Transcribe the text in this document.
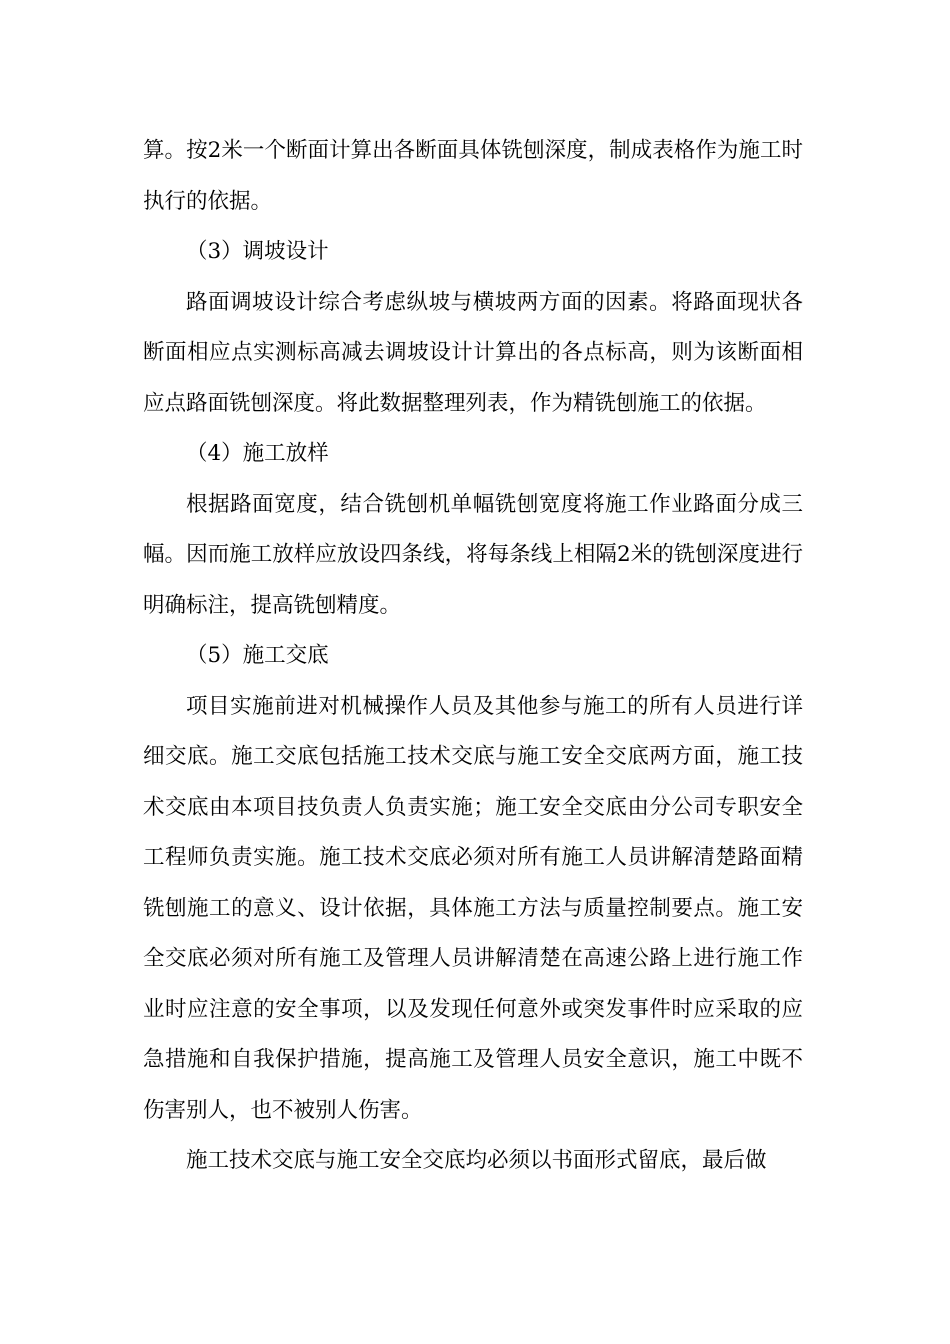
算。按2米一个断面计算出各断面具体铣刨深度，制成表格作为施工时执行的依据。

（3）调坡设计

路面调坡设计综合考虑纵坡与横坡两方面的因素。将路面现状各断面相应点实测标高减去调坡设计计算出的各点标高，则为该断面相应点路面铣刨深度。将此数据整理列表，作为精铣刨施工的依据。

（4）施工放样

根据路面宽度，结合铣刨机单幅铣刨宽度将施工作业路面分成三幅。因而施工放样应放设四条线，将每条线上相隔2米的铣刨深度进行明确标注，提高铣刨精度。

（5）施工交底

项目实施前进对机械操作人员及其他参与施工的所有人员进行详细交底。施工交底包括施工技术交底与施工安全交底两方面，施工技术交底由本项目技负责人负责实施；施工安全交底由分公司专职安全工程师负责实施。施工技术交底必须对所有施工人员讲解清楚路面精铣刨施工的意义、设计依据，具体施工方法与质量控制要点。施工安全交底必须对所有施工及管理人员讲解清楚在高速公路上进行施工作业时应注意的安全事项，以及发现任何意外或突发事件时应采取的应急措施和自我保护措施，提高施工及管理人员安全意识，施工中既不伤害别人，也不被别人伤害。

施工技术交底与施工安全交底均必须以书面形式留底，最后做
